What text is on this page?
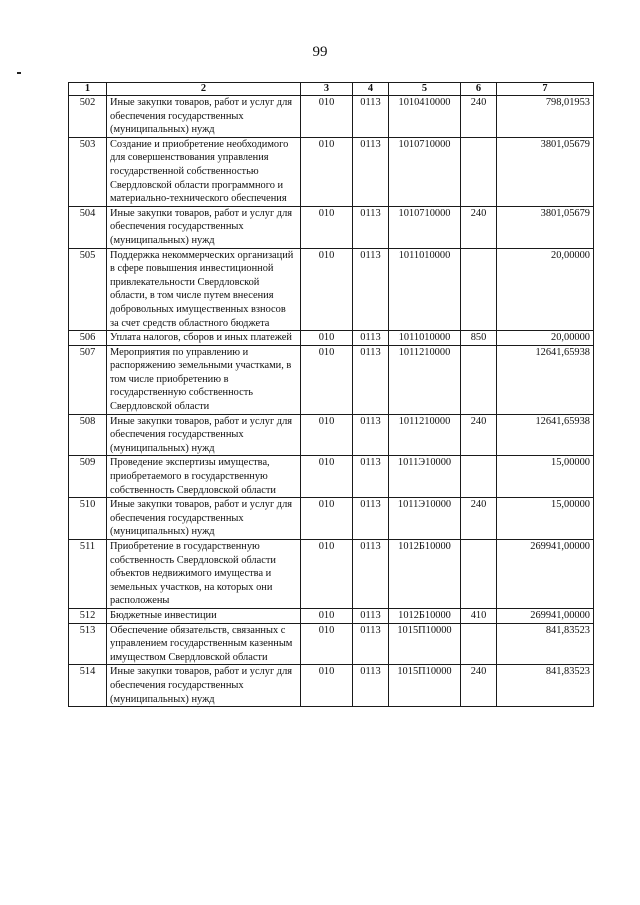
99
1	2	3	4	5	6	7
502	Иные закупки товаров, работ и услуг для обеспечения государственных (муниципальных) нужд	010	0113	1010410000	240	798,01953
503	Создание и приобретение необходимого для совершенствования управления государственной собственностью Свердловской области программного и материально-технического обеспечения	010	0113	1010710000		3801,05679
504	Иные закупки товаров, работ и услуг для обеспечения государственных (муниципальных) нужд	010	0113	1010710000	240	3801,05679
505	Поддержка некоммерческих организаций в сфере повышения инвестиционной привлекательности Свердловской области, в том числе путем внесения добровольных имущественных взносов за счет средств областного бюджета	010	0113	1011010000		20,00000
506	Уплата налогов, сборов и иных платежей	010	0113	1011010000	850	20,00000
507	Мероприятия по управлению и распоряжению земельными участками, в том числе приобретению в государственную собственность Свердловской области	010	0113	1011210000		12641,65938
508	Иные закупки товаров, работ и услуг для обеспечения государственных (муниципальных) нужд	010	0113	1011210000	240	12641,65938
509	Проведение экспертизы имущества, приобретаемого в государственную собственность Свердловской области	010	0113	1011Э10000		15,00000
510	Иные закупки товаров, работ и услуг для обеспечения государственных (муниципальных) нужд	010	0113	1011Э10000	240	15,00000
511	Приобретение в государственную собственность Свердловской области объектов недвижимого имущества и земельных участков, на которых они расположены	010	0113	1012Б10000		269941,00000
512	Бюджетные инвестиции	010	0113	1012Б10000	410	269941,00000
513	Обеспечение обязательств, связанных с управлением государственным казенным имуществом Свердловской области	010	0113	1015П10000		841,83523
514	Иные закупки товаров, работ и услуг для обеспечения государственных (муниципальных) нужд	010	0113	1015П10000	240	841,83523
